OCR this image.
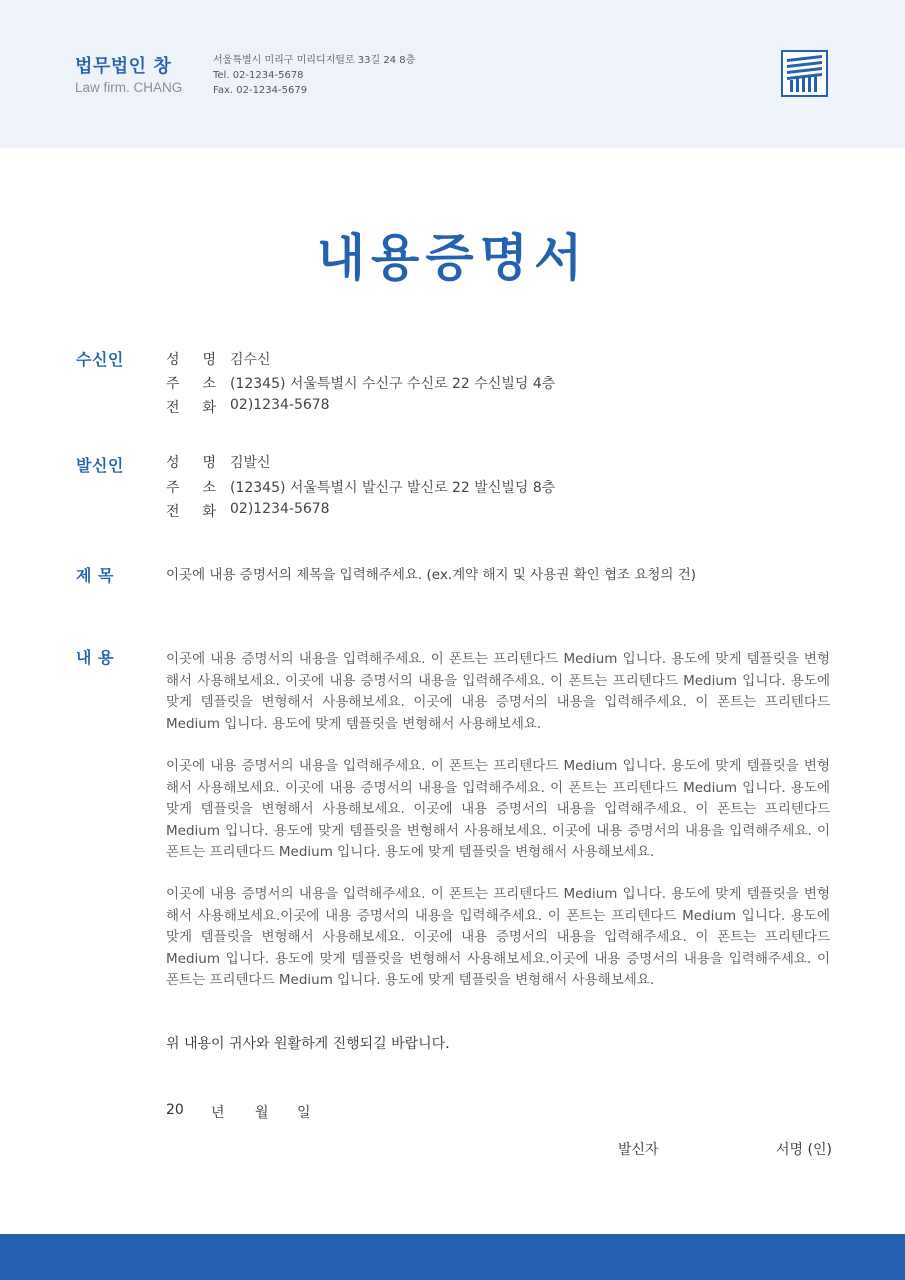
법무법인 창
Law firm. CHANG
서울특별시 미리구 미리디지털로 33길 24 8층
Tel. 02-1234-5678
Fax. 02-1234-5679
내용증명서
수신인	성 명 김수신
주 소 (12345) 서울특별시 수신구 수신로 22 수신빌딩 4층
전 화 02)1234-5678
발신인	성 명 김발신
주 소 (12345) 서울특별시 발신구 발신로 22 발신빌딩 8층
전 화 02)1234-5678
제 목	이곳에 내용 증명서의 제목을 입력해주세요. (ex.계약 해지 및 사용권 확인 협조 요청의 건)
내 용	이곳에 내용 증명서의 내용을 입력해주세요. 이 폰트는 프리텐다드 Medium 입니다. 용도에 맞게 템플릿을 변형해서 사용해보세요. 이곳에 내용 증명서의 내용을 입력해주세요. 이 폰트는 프리텐다드 Medium 입니다. 용도에 맞게 템플릿을 변형해서 사용해보세요. 이곳에 내용 증명서의 내용을 입력해주세요. 이 폰트는 프리텐다드 Medium 입니다. 용도에 맞게 템플릿을 변형해서 사용해보세요.
이곳에 내용 증명서의 내용을 입력해주세요. 이 폰트는 프리텐다드 Medium 입니다. 용도에 맞게 템플릿을 변형해서 사용해보세요. 이곳에 내용 증명서의 내용을 입력해주세요. 이 폰트는 프리텐다드 Medium 입니다. 용도에 맞게 템플릿을 변형해서 사용해보세요. 이곳에 내용 증명서의 내용을 입력해주세요. 이 폰트는 프리텐다드 Medium 입니다. 용도에 맞게 템플릿을 변형해서 사용해보세요. 이곳에 내용 증명서의 내용을 입력해주세요. 이 폰트는 프리텐다드 Medium 입니다. 용도에 맞게 템플릿을 변형해서 사용해보세요.
이곳에 내용 증명서의 내용을 입력해주세요. 이 폰트는 프리텐다드 Medium 입니다. 용도에 맞게 템플릿을 변형해서 사용해보세요.이곳에 내용 증명서의 내용을 입력해주세요. 이 폰트는 프리텐다드 Medium 입니다. 용도에 맞게 템플릿을 변형해서 사용해보세요. 이곳에 내용 증명서의 내용을 입력해주세요. 이 폰트는 프리텐다드 Medium 입니다. 용도에 맞게 템플릿을 변형해서 사용해보세요.이곳에 내용 증명서의 내용을 입력해주세요. 이 폰트는 프리텐다드 Medium 입니다. 용도에 맞게 템플릿을 변형해서 사용해보세요.
위 내용이 귀사와 원활하게 진행되길 바랍니다.
20 년 월 일
발신자	서명 (인)
